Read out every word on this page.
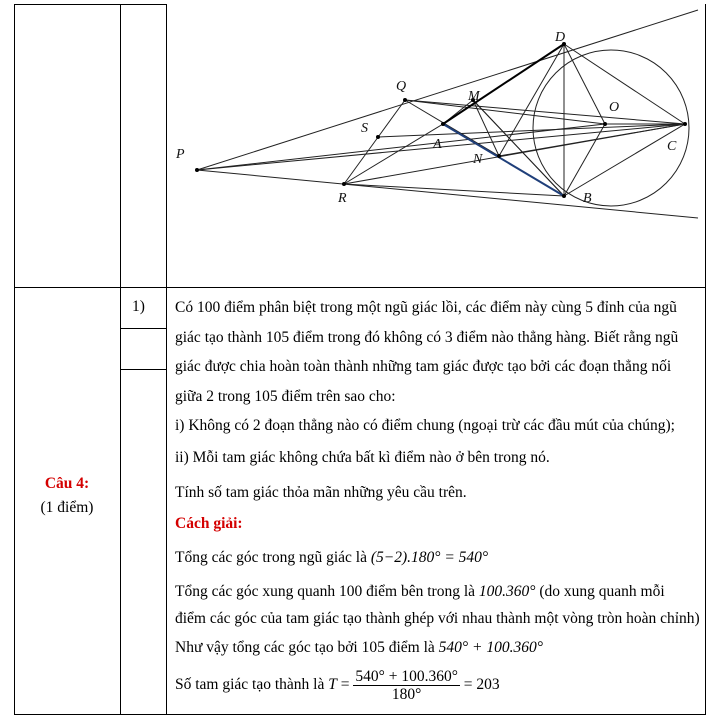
P
Q
R
S
M
A
N
O
D
C
B
Câu 4:
(1 điểm)
1) Có 100 điểm phân biệt trong một ngũ giác lồi, các điểm này cùng 5 đỉnh của ngũ
giác tạo thành 105 điểm trong đó không có 3 điểm nào thẳng hàng. Biết rằng ngũ
giác được chia hoàn toàn thành những tam giác được tạo bởi các đoạn thẳng nối
giữa 2 trong 105 điểm trên sao cho:
i) Không có 2 đoạn thẳng nào có điểm chung (ngoại trừ các đầu mút của chúng);
ii) Mỗi tam giác không chứa bất kì điểm nào ở bên trong nó.
Tính số tam giác thỏa mãn những yêu cầu trên.
Cách giải:
Tổng các góc trong ngũ giác là (5−2).180° = 540°
Tổng các góc xung quanh 100 điểm bên trong là 100.360° (do xung quanh mỗi
điểm các góc của tam giác tạo thành ghép với nhau thành một vòng tròn hoàn chỉnh)
Như vậy tổng các góc tạo bởi 105 điểm là 540° + 100.360°
Số tam giác tạo thành là $T = \frac{540^\circ + 100.360^\circ}{180^\circ} = 203$
